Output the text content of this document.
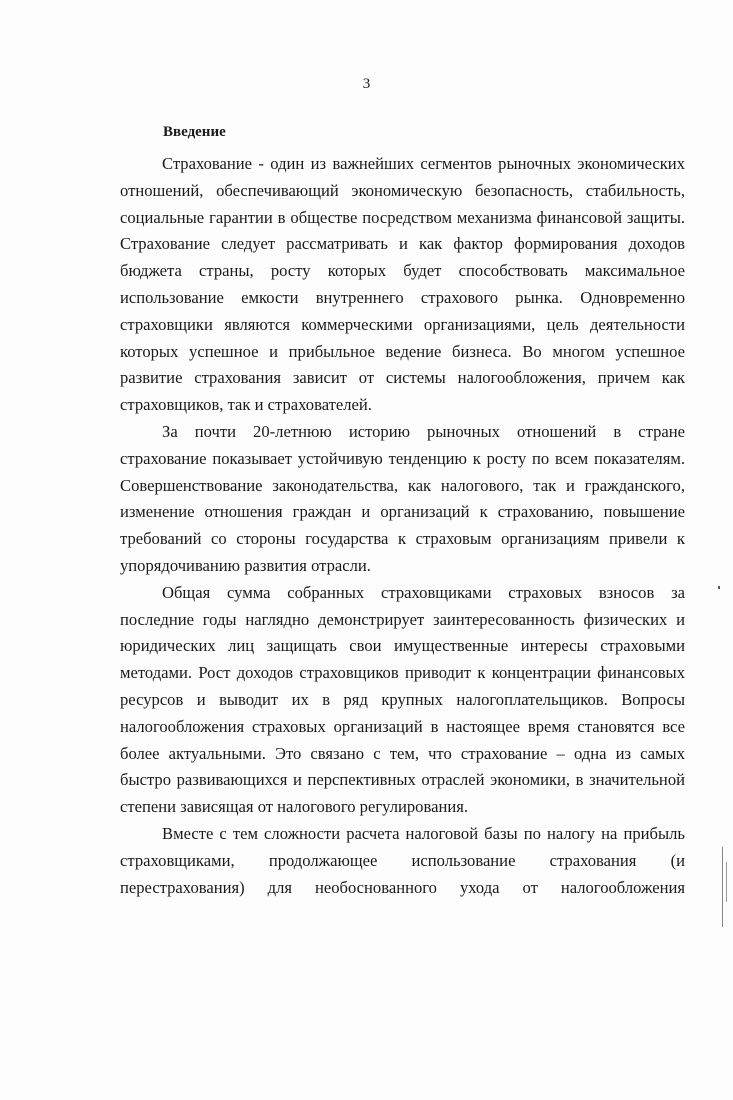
3
Введение

Страхование - один из важнейших сегментов рыночных экономических отношений, обеспечивающий экономическую безопасность, стабильность, социальные гарантии в обществе посредством механизма финансовой защиты. Страхование следует рассматривать и как фактор формирования доходов бюджета страны, росту которых будет способствовать максимальное использование емкости внутреннего страхового рынка. Одновременно страховщики являются коммерческими организациями, цель деятельности которых успешное и прибыльное ведение бизнеса. Во многом успешное развитие страхования зависит от системы налогообложения, причем как страховщиков, так и страхователей.

За почти 20-летнюю историю рыночных отношений в стране страхование показывает устойчивую тенденцию к росту по всем показателям. Совершенствование законодательства, как налогового, так и гражданского, изменение отношения граждан и организаций к страхованию, повышение требований со стороны государства к страховым организациям привели к упорядочиванию развития отрасли.

Общая сумма собранных страховщиками страховых взносов за последние годы наглядно демонстрирует заинтересованность физических и юридических лиц защищать свои имущественные интересы страховыми методами. Рост доходов страховщиков приводит к концентрации финансовых ресурсов и выводит их в ряд крупных налогоплательщиков. Вопросы налогообложения страховых организаций в настоящее время становятся все более актуальными. Это связано с тем, что страхование – одна из самых быстро развивающихся и перспективных отраслей экономики, в значительной степени зависящая от налогового регулирования.

Вместе с тем сложности расчета налоговой базы по налогу на прибыль страховщиками, продолжающее использование страхования (и перестрахования) для необоснованного ухода от налогообложения
